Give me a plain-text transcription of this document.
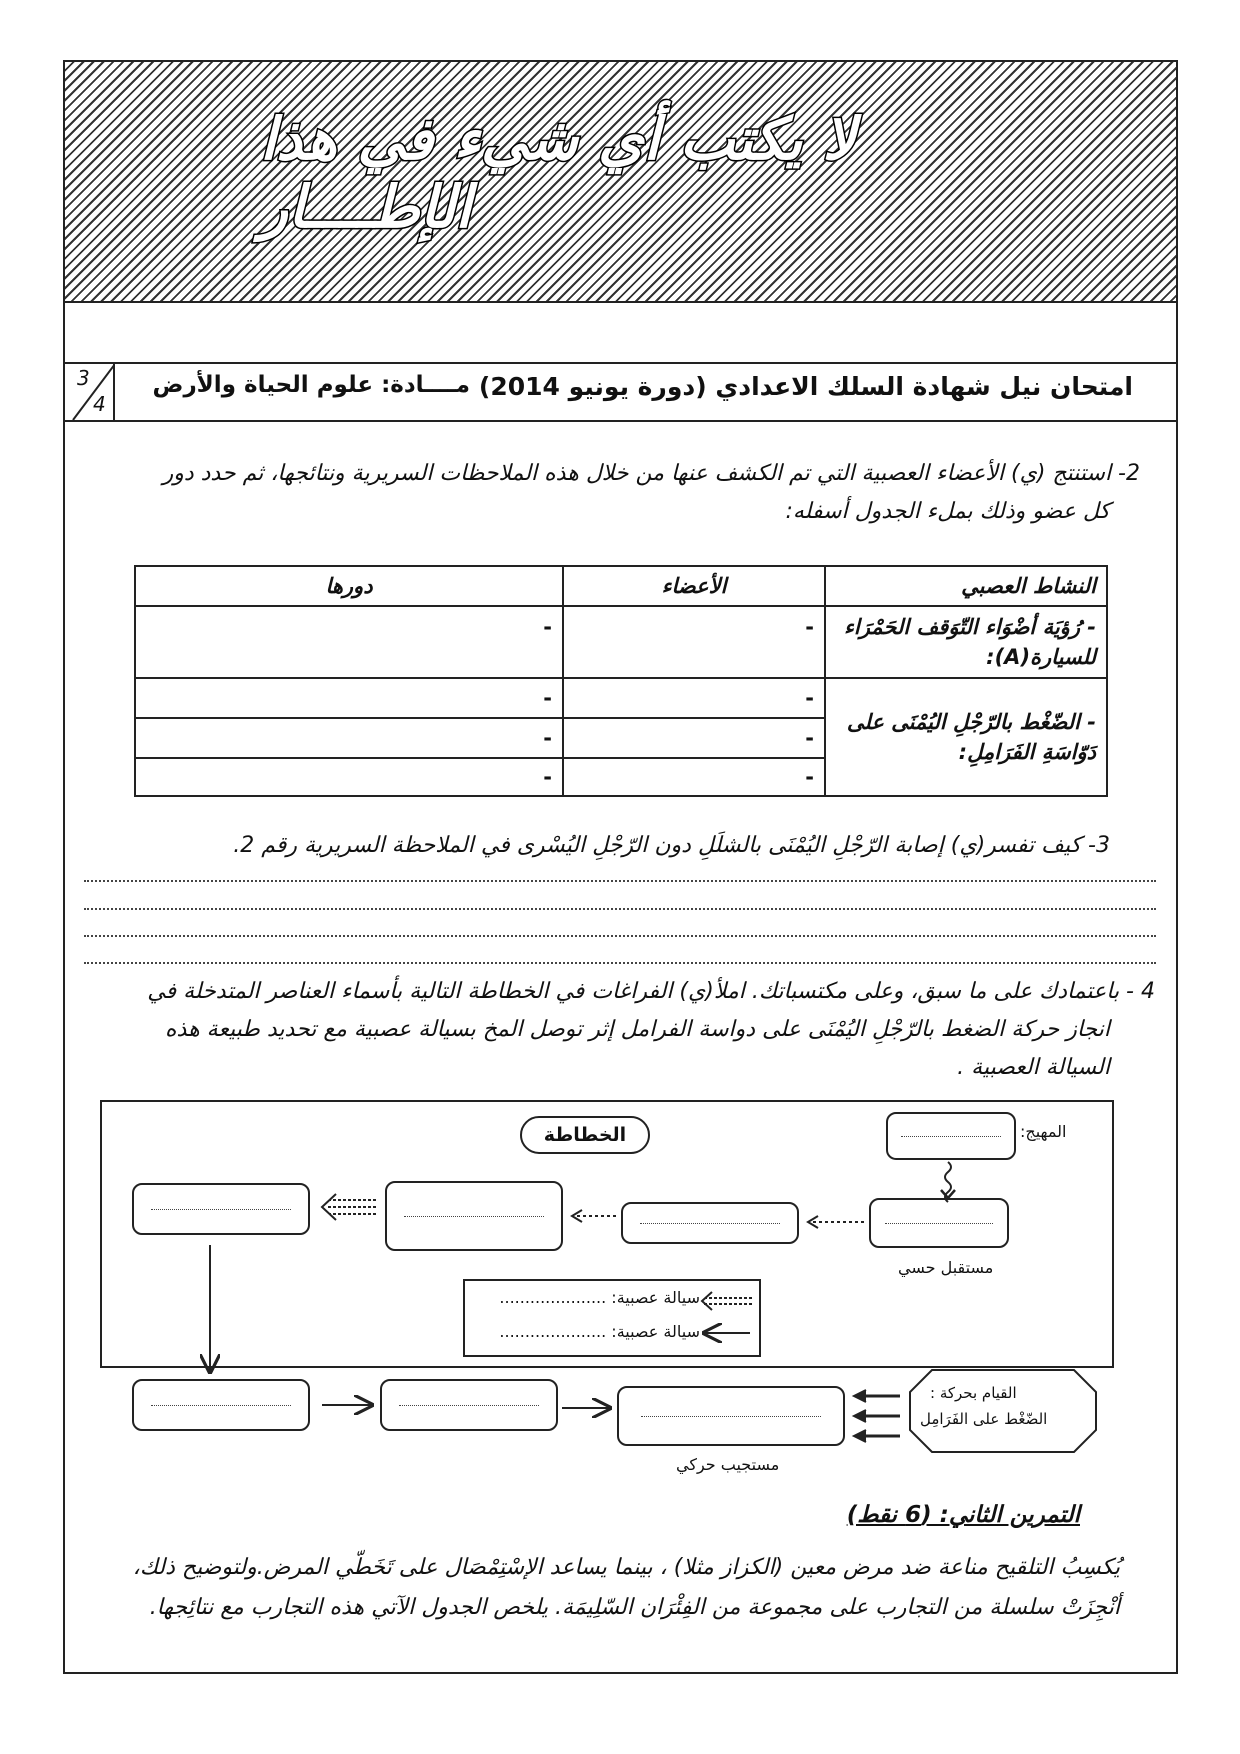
لا يكتب أي شيء في هذا الإطــــار
3
4
امتحان نيل شهادة السلك الاعدادي (دورة يونيو 2014)
مــــادة: علوم الحياة والأرض
2- استنتج (ي) الأعضاء العصبية التي تم الكشف عنها من خلال هذه الملاحظات السريرية ونتائجها، ثم حدد دور
كل عضو وذلك بملء الجدول أسفله:
النشاط العصبي	الأعضاء	دورها
- رُؤيَة أضْوَاء التّوَقف الحَمْرَاء للسيارة(A):	-	-
- الضّغْط بالرّجْلِ اليُمْنَى على دَوّاسَةِ الفَرَامِلِ:	-	-
	-	-
	-	-
3- كيف تفسر(ي) إصابة الرّجْلِ اليُمْنَى بالشلَلِ دون الرّجْلِ اليُسْرى في الملاحظة السريرية رقم 2.
4 - باعتمادك على ما سبق، وعلى مكتسباتك. املأ(ي) الفراغات في الخطاطة التالية بأسماء العناصر المتدخلة في
انجاز حركة الضغط بالرّجْلِ اليُمْنَى على دواسة الفرامل إثر توصل المخ بسيالة عصبية مع تحديد طبيعة هذه
السيالة العصبية .
الخطاطة	المهيج:
مستقبل حسي
سيالة عصبية: .....................
سيالة عصبية: .....................
مستجيب حركي
القيام بحركة :
الضّغْط على الفَرَامِل
التمرين الثاني: (6 نقط)
يُكسِبُ التلقيح مناعة ضد مرض معين (الكزاز مثلا) ، بينما يساعد الإسْتِمْصَال على تَخَطّي المرض.ولتوضيح ذلك،
أنْجِزَتْ سلسلة من التجارب على مجموعة من الفِئْرَان السّلِيمَة. يلخص الجدول الآتي هذه التجارب مع نتائِجها.
